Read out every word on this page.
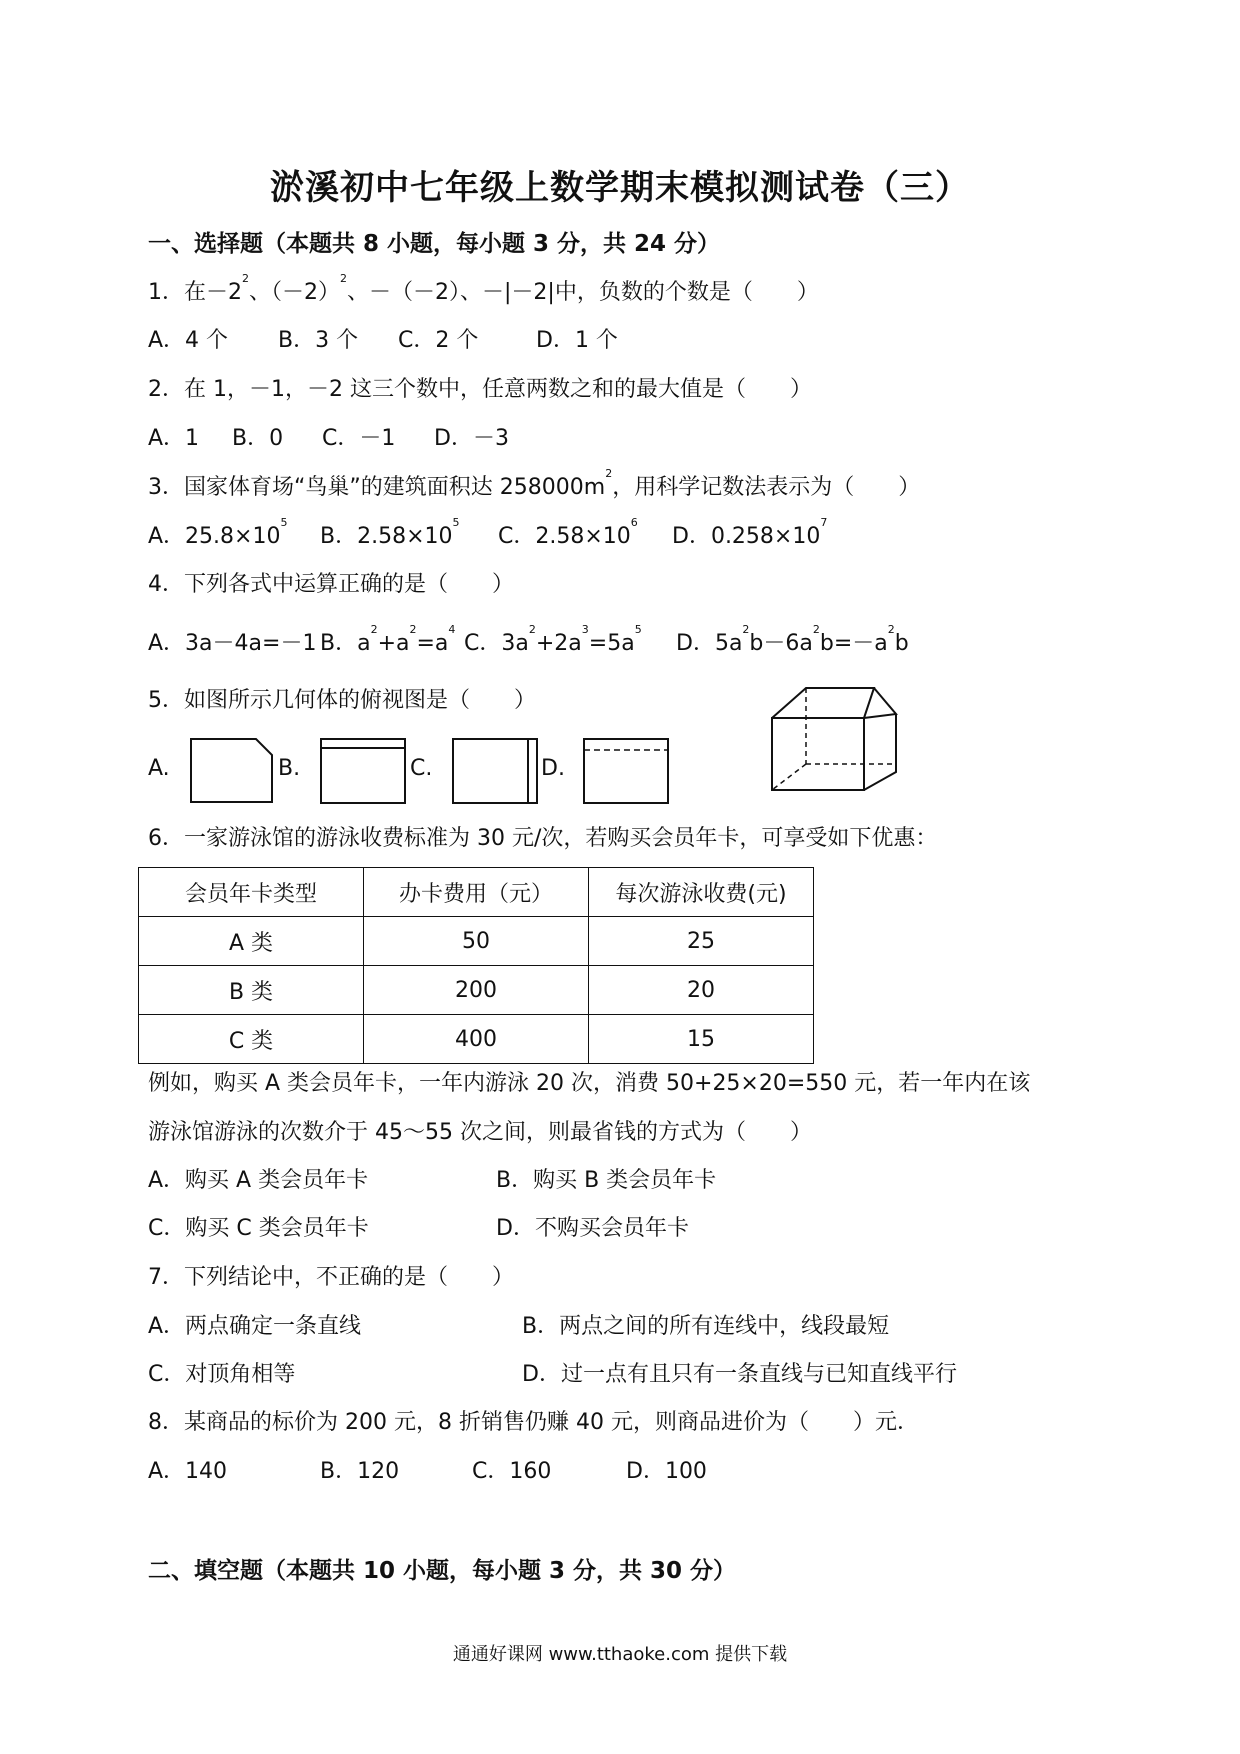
淤溪初中七年级上数学期末模拟测试卷（三）
一、选择题（本题共 8 小题，每小题 3 分，共 24 分）
1．在$-2^2$、$(-2)^2$、－（－2）、－|－2|中，负数的个数是（　　）
A．4 个 B．3 个 C．2 个	D．1 个
2．在 1，－1，－2 这三个数中，任意两数之和的最大值是（　　）
A．1 B．0 C．－1 D．－3
3．国家体育场“鸟巢”的建筑面积达 $258000m^2$，用科学记数法表示为（　　）
A．$25.8\times 10^5$
B．$2.58\times 10^5$
C．$2.58\times 10^6$
D．$0.258\times 10^7$
4．下列各式中运算正确的是（　　）
A．3a－4a=－1 B．$a^2+a^2=a^4$
C．$3a^2+2a^3=5a^5$
D．$5a^2b-6a^2b=-a^2b$
5．如图所示几何体的俯视图是（　　）
A.	B.	C.	D.
6．一家游泳馆的游泳收费标准为 30 元/次，若购买会员年卡，可享受如下优惠：
会员年卡类型	办卡费用（元）	每次游泳收费(元)
A 类	50	25
B 类	200	20
C 类	400	15
例如，购买 A 类会员年卡，一年内游泳 20 次，消费 50+25×20=550 元，若一年内在该
游泳馆游泳的次数介于 45～55 次之间，则最省钱的方式为（　　）
A．购买 A 类会员年卡	B．购买 B 类会员年卡
C．购买 C 类会员年卡	D．不购买会员年卡
7．下列结论中，不正确的是（　　）
A．两点确定一条直线	B．两点之间的所有连线中，线段最短
C．对顶角相等	D．过一点有且只有一条直线与已知直线平行
8．某商品的标价为 200 元，8 折销售仍赚 40 元，则商品进价为（　　）元．
A．140	B．120	C．160	D．100
二、填空题（本题共 10 小题，每小题 3 分，共 30 分）
通通好课网 www.tthaoke.com 提供下载
